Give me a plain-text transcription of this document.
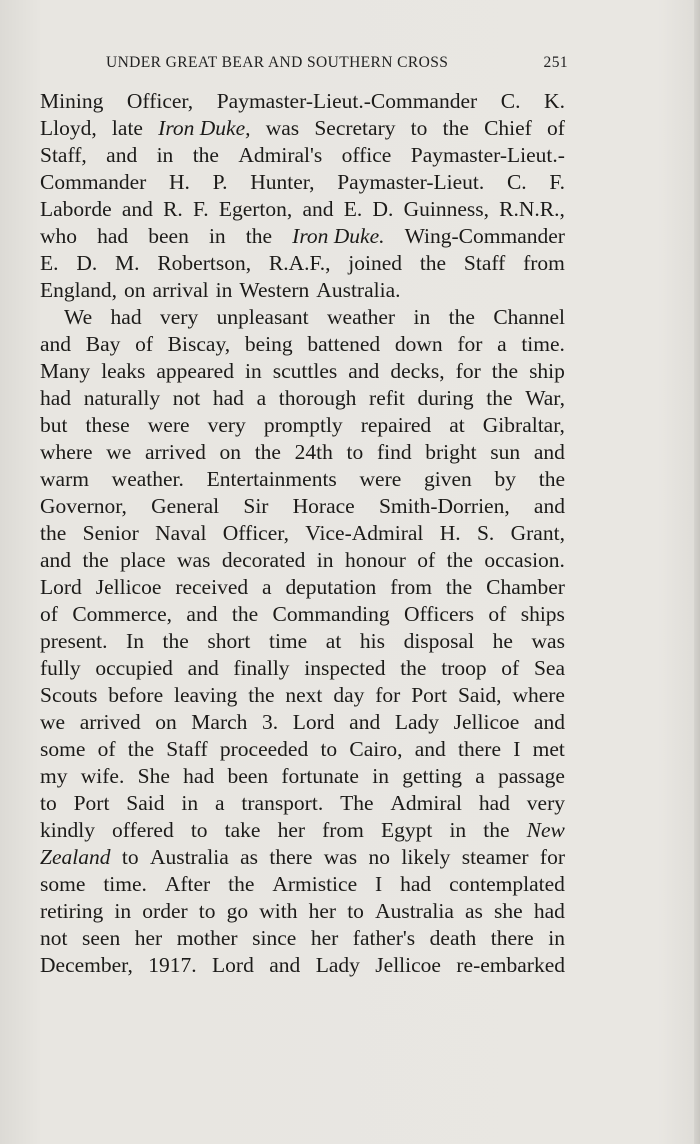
UNDER GREAT BEAR AND SOUTHERN CROSS	251
Mining Officer, Paymaster-Lieut.-Commander C. K.
Lloyd, late Iron Duke, was Secretary to the Chief of
Staff, and in the Admiral's office Paymaster-Lieut.-
Commander H. P. Hunter, Paymaster-Lieut. C. F.
Laborde and R. F. Egerton, and E. D. Guinness, R.N.R.,
who had been in the Iron Duke. Wing-Commander
E. D. M. Robertson, R.A.F., joined the Staff from
England, on arrival in Western Australia.
We had very unpleasant weather in the Channel
and Bay of Biscay, being battened down for a time.
Many leaks appeared in scuttles and decks, for the ship
had naturally not had a thorough refit during the War,
but these were very promptly repaired at Gibraltar,
where we arrived on the 24th to find bright sun and
warm weather. Entertainments were given by the
Governor, General Sir Horace Smith-Dorrien, and
the Senior Naval Officer, Vice-Admiral H. S. Grant,
and the place was decorated in honour of the occasion.
Lord Jellicoe received a deputation from the Chamber
of Commerce, and the Commanding Officers of ships
present. In the short time at his disposal he was
fully occupied and finally inspected the troop of Sea
Scouts before leaving the next day for Port Said, where
we arrived on March 3. Lord and Lady Jellicoe and
some of the Staff proceeded to Cairo, and there I met
my wife. She had been fortunate in getting a passage
to Port Said in a transport. The Admiral had very
kindly offered to take her from Egypt in the New
Zealand to Australia as there was no likely steamer for
some time. After the Armistice I had contemplated
retiring in order to go with her to Australia as she had
not seen her mother since her father's death there in
December, 1917. Lord and Lady Jellicoe re-embarked
